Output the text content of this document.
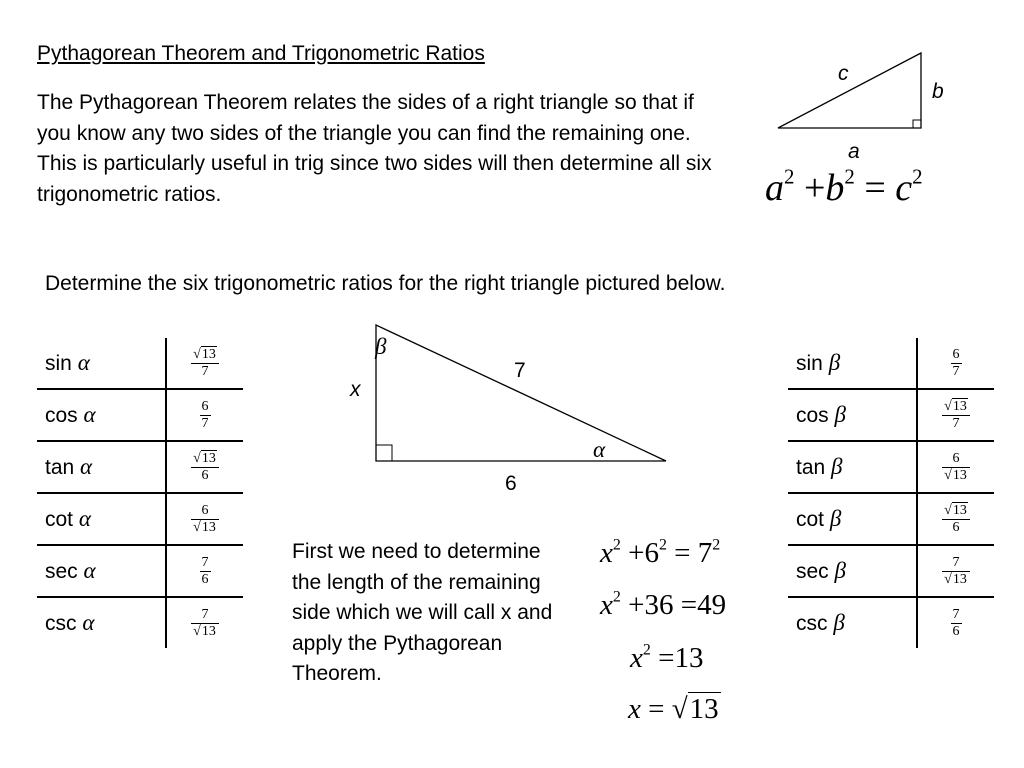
Pythagorean Theorem and Trigonometric Ratios
The Pythagorean Theorem relates the sides of a right triangle so that if you know any two sides of the triangle you can find the remaining one. This is particularly useful in trig since two sides will then determine all six trigonometric ratios.
c
b
a
$a^2 +b^2 = c^2$
Determine the six trigonometric ratios for the right triangle pictured below.
sin α	$\frac{√13}{7}$

cos α	$\frac{6}{7}$

tan α	$\frac{√13}{6}$

cot α	$\frac{6}{√13}$

sec α	$\frac{7}{6}$

csc α	$\frac{7}{√13}$
sin β	$\frac{6}{7}$

cos β	$\frac{√13}{7}$

tan β	$\frac{6}{√13}$

cot β	$\frac{√13}{6}$

sec β	$\frac{7}{√13}$

csc β	$\frac{7}{6}$
β
α
7
6
x
First we need to determine the length of the remaining side which we will call x and apply the Pythagorean Theorem.
$x^2 +6^2 = 7^2$
$x^2 +36 =49$
$x^2 =13$
x = √13
